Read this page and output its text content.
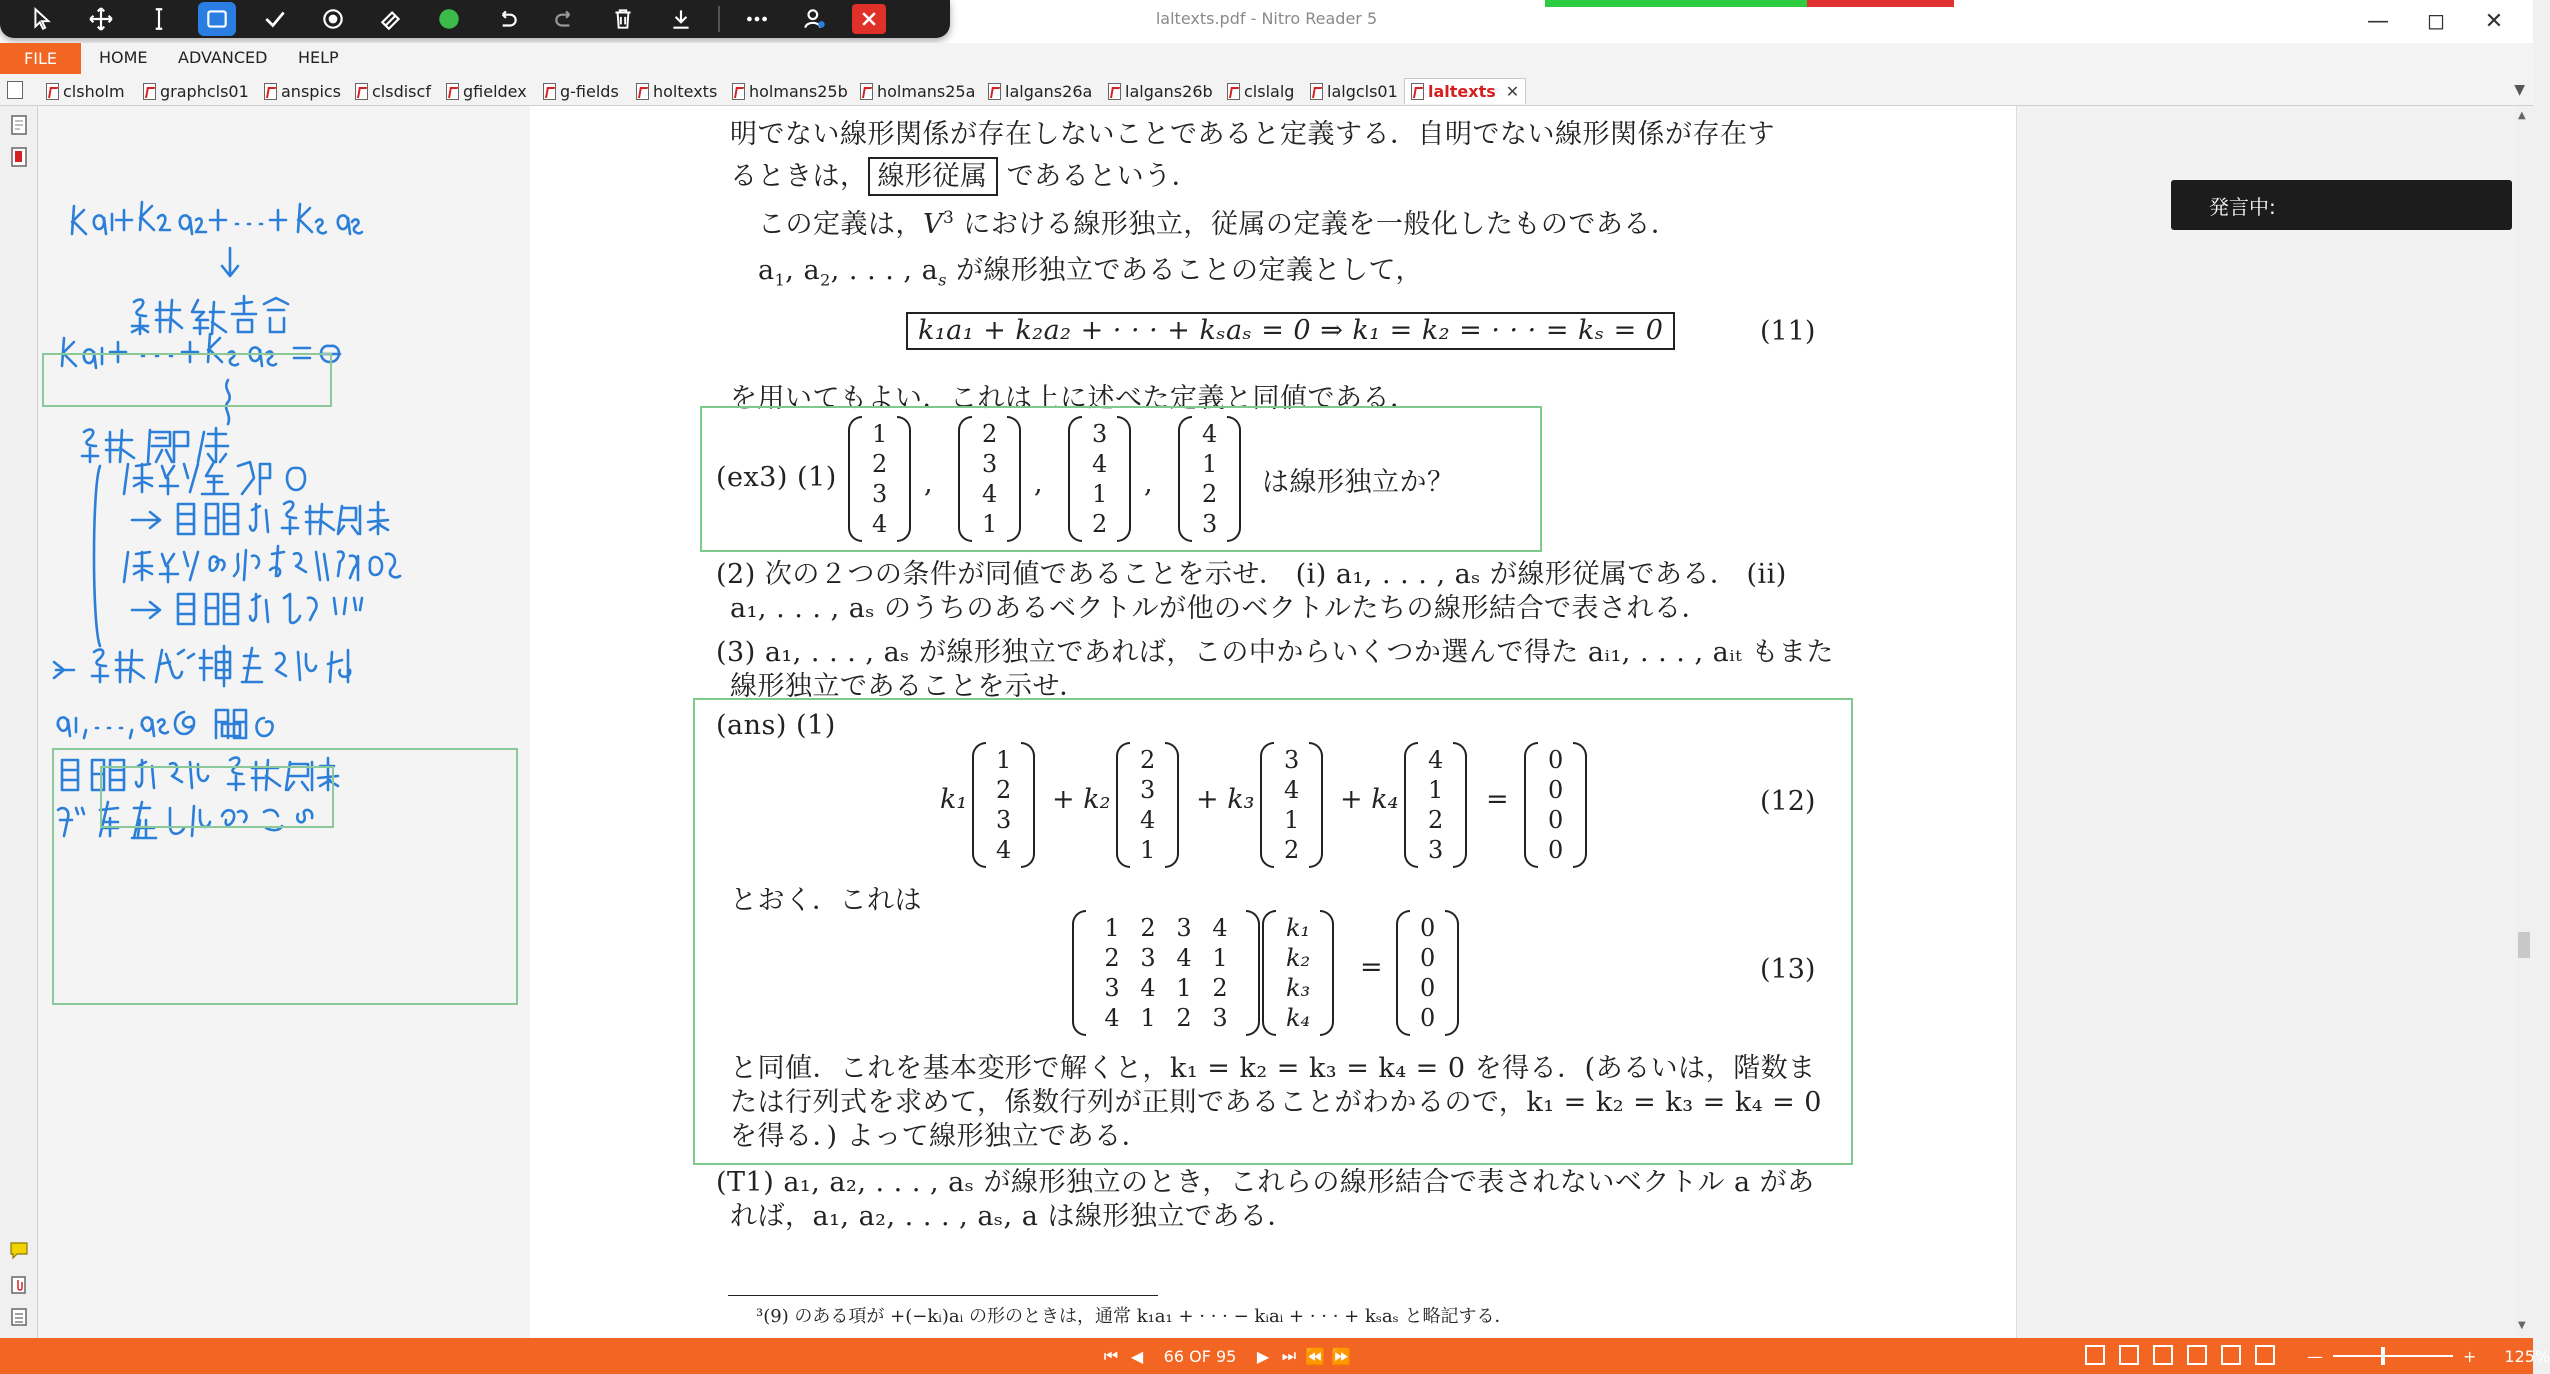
laltexts.pdf - Nitro Reader 5	—	◻	✕
FILE	HOME ADVANCED HELP
clsholm graphcls01 anspics clsdiscf gfieldex g-fields holtexts holmans25b holmans25a lalgans26a lalgans26b clslalg lalgcls01 laltexts ✕	▼
明でない線形関係が存在しないことであると定義する．自明でない線形関係が存在す
るときは， 線形従属 であるという．
この定義は，$V^3$ における線形独立，従属の定義を一般化したものである．
$a_1$, $a_2$, . . . , $a_s$ が線形独立であることの定義として，
k₁a₁ + k₂a₂ + · · · + kₛaₛ = 0 ⇒ k₁ = k₂ = · · · = kₛ = 0	(11)
を用いてもよい．これは上に述べた定義と同値である．
(ex3) (1)
1
2
3
4
,
2
3
4
1
,
3
4
1
2
,
4
1
2
3
は線形独立か？
(2) 次の２つの条件が同値であることを示せ． (i) a₁, . . . , aₛ が線形従属である． (ii)
a₁, . . . , aₛ のうちのあるベクトルが他のベクトルたちの線形結合で表される．
(3) a₁, . . . , aₛ が線形独立であれば，この中からいくつか選んで得た aᵢ₁, . . . , aᵢₜ もまた
線形独立であることを示せ．
(ans) (1)
k₁
1
2
3
4
+ k₂
2
3
4
1
+ k₃
3
4
1
2
+ k₄
4
1
2
3
=
0
0
0
0
(12)
とおく．これは
1 2 3 4
2 3 4 1
3 4 1 2
4 1 2 3
k₁
k₂
k₃
k₄
=
0
0
0
0
(13)
と同値．これを基本変形で解くと，k₁ = k₂ = k₃ = k₄ = 0 を得る．(あるいは，階数ま
たは行列式を求めて，係数行列が正則であることがわかるので，k₁ = k₂ = k₃ = k₄ = 0
を得る．) よって線形独立である．
(T1) a₁, a₂, . . . , aₛ が線形独立のとき，これらの線形結合で表されないベクトル a があ
れば，a₁, a₂, . . . , aₛ, a は線形独立である．
³(9) のある項が +(−kᵢ)aᵢ の形のときは，通常 k₁a₁ + · · · − kᵢaᵢ + · · · + kₛaₛ と略記する．
発言中:
▲
▼
⏮ ◀	66 OF 95	▶ ⏭ ⏪ ⏩	—	+ 125%
